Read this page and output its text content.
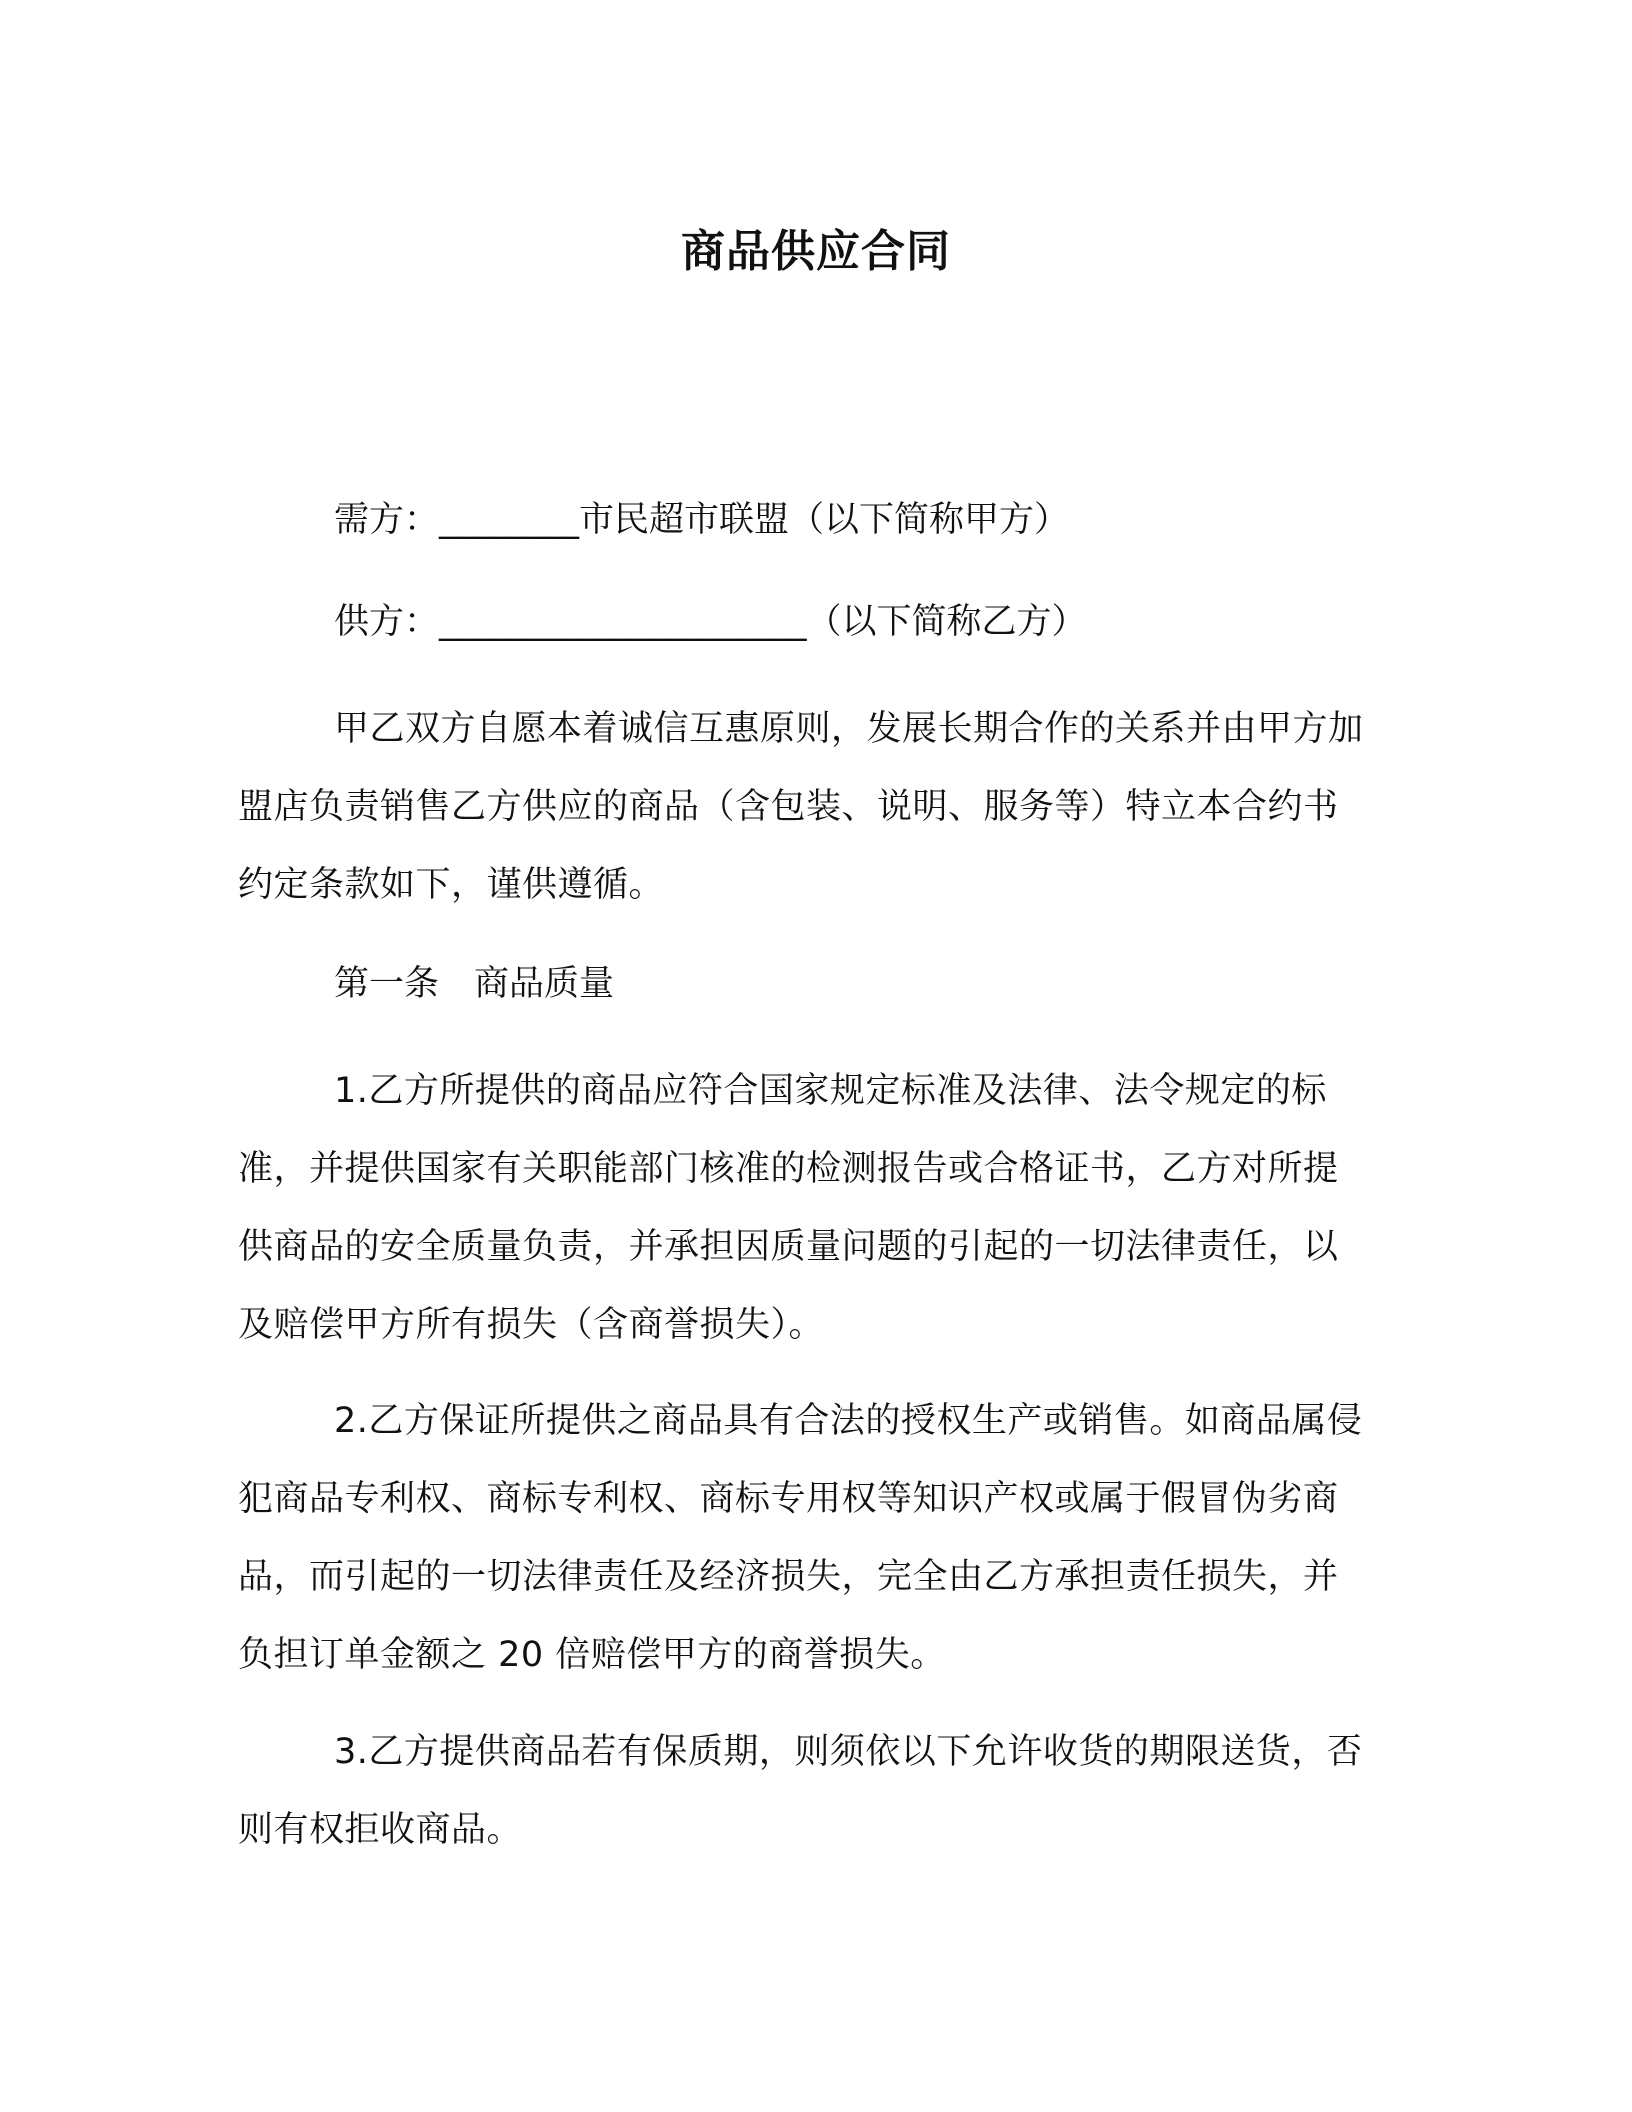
商品供应合同
需方：________市民超市联盟（以下简称甲方）
供方：_____________________（以下简称乙方）
甲乙双方自愿本着诚信互惠原则，发展长期合作的关系并由甲方加盟店负责销售乙方供应的商品（含包装、说明、服务等）特立本合约书约定条款如下，谨供遵循。
第一条　商品质量
1.乙方所提供的商品应符合国家规定标准及法律、法令规定的标准，并提供国家有关职能部门核准的检测报告或合格证书，乙方对所提供商品的安全质量负责，并承担因质量问题的引起的一切法律责任，以及赔偿甲方所有损失（含商誉损失）。
2.乙方保证所提供之商品具有合法的授权生产或销售。如商品属侵犯商品专利权、商标专利权、商标专用权等知识产权或属于假冒伪劣商品，而引起的一切法律责任及经济损失，完全由乙方承担责任损失，并负担订单金额之 20 倍赔偿甲方的商誉损失。
3.乙方提供商品若有保质期，则须依以下允许收货的期限送货，否则有权拒收商品。
